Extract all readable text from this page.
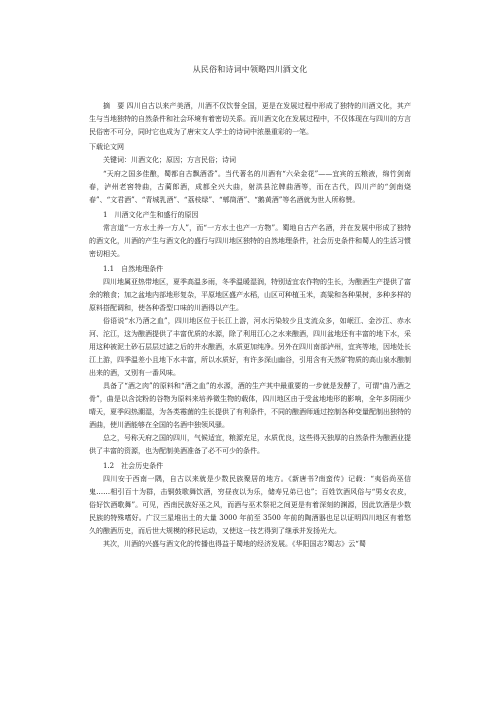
从民俗和诗词中领略四川酒文化

摘　要 四川自古以来产美酒，川酒不仅饮誉全国，更是在发展过程中形成了独特的川酒文化，其产生与当地独特的自然条件和社会环境有着密切关系。而川酒文化在发展过程中，不仅体现在与四川的方言民俗密不可分，同时它也成为了唐宋文人学士的诗词中浓墨重彩的一笔。

下载论文网

关键词：川酒文化；原因；方言民俗；诗词

“天府之国多佳酿，蜀都自古飘酒香”。当代著名的川酒有“六朵金花”——宜宾的五粮液，绵竹剑南春，泸州老窖特曲，古蔺郎酒，成都全兴大曲，射洪县沱牌曲酒等，而在古代，四川产的“剑南烧春”、“文君酒”、“青城乳酒”、“荔枝绿”、“郫筒酒”、“鹅黄酒”等名酒就为世人所称赞。

1　川酒文化产生和盛行的原因

常言道“一方水土养一方人”，而“一方水土也产一方物”。蜀地自古产名酒，并在发展中形成了独特的酒文化，川酒的产生与酒文化的盛行与四川地区独特的自然地理条件，社会历史条件和蜀人的生活习惯密切相关。

1.1　自然地理条件

四川地属亚热带地区，夏季高温多雨，冬季温暖湿润，特别适宜农作物的生长，为酿酒生产提供了富余的粮食；加之盆地内部地形复杂，平原地区盛产水稻，山区可种植玉米，高粱和各种果树，多种多样的原料搭配调和，使各种香型口味的川酒得以产生。

俗语说“水乃酒之血”，四川地区位于长江上游，河水污染较少且支流众多，如岷江、金沙江、赤水河、沱江，这为酿酒提供了丰富优质的水源，除了利用江心之水来酿酒，四川盆地还有丰富的地下水，采用这种被泥土砂石层层过滤之后的井水酿酒，水质更加纯净。另外在四川南部泸州，宜宾等地，因地处长江上游，四季温差小且地下水丰富，所以水质好，有许多深山幽谷，引用含有天然矿物质的高山泉水酿制出来的酒，又别有一番风味。

具备了“酒之肉”的原料和“酒之血”的水源，酒的生产其中最重要的一步就是发酵了，可谓“曲乃酒之骨”，曲是以含淀粉的谷物为原料来培养微生物的载体，四川地区由于受盆地地形的影响，全年多阴雨少晴天，夏季闷热潮湿，为各类霉菌的生长提供了有利条件，不同的酿酒师通过控制各种变量配制出独特的酒曲，使川酒能够在全国的名酒中独领风骚。

总之，号称天府之国的四川，气候适宜，粮源充足，水质优良，这些得天独厚的自然条件为酿酒业提供了丰富的资源，也为配制美酒准备了必不可少的条件。

1.2　社会历史条件

四川安于西南一隅，自古以来就是少数民族聚居的地方。《新唐书?南蛮传》记载：“夷俗尚巫信鬼……相引百十为群，击铜鼓歌舞饮酒，穷昼夜以为乐，储寿兄弟已也”；百姓饮酒风俗与“男女衣皮，俗好饮酒歌舞”。可见，西南民族好巫之风，而酒与巫术祭祀之间更是有着深刻的渊源，因此饮酒是少数民族的特殊嗜好。广汉三星堆出土的大量 3000 年前至 3500 年前的陶酒器也足以证明四川地区有着悠久的酿酒历史，而后世大规模的移民运动，又使这一技艺得到了继承并发扬光大。

其次，川酒的兴盛与酒文化的传播也得益于蜀地的经济发展。《华阳国志?蜀志》云“蜀
